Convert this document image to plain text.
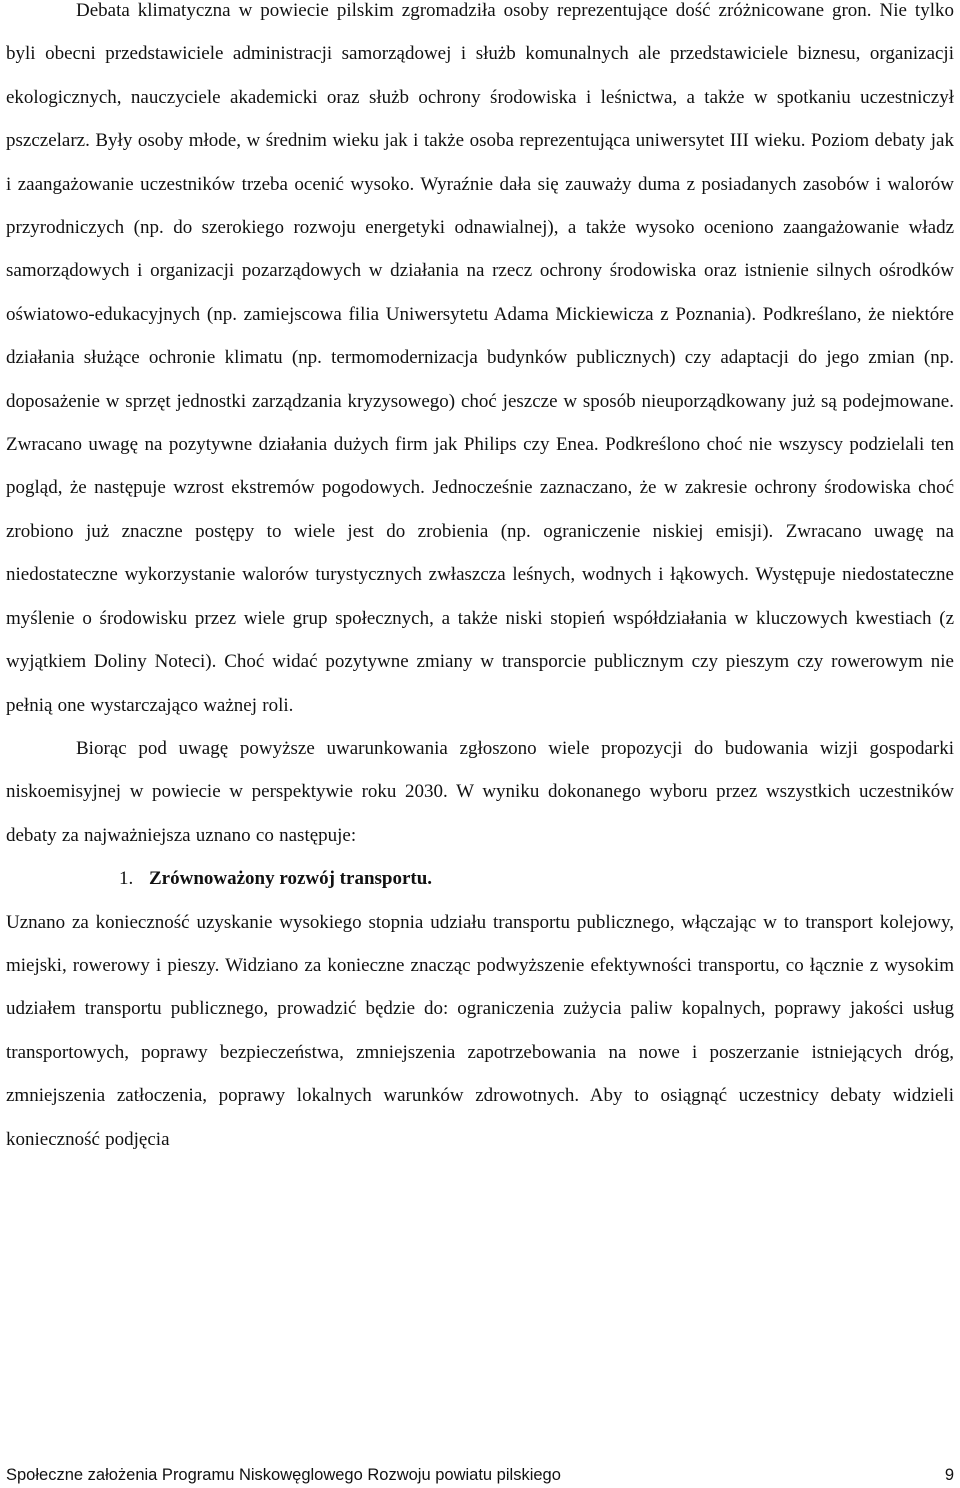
Debata klimatyczna w powiecie pilskim zgromadziła osoby reprezentujące dość zróżnicowane gron. Nie tylko byli obecni przedstawiciele administracji samorządowej i służb komunalnych ale przedstawiciele biznesu, organizacji ekologicznych, nauczyciele akademicki oraz służb ochrony środowiska i leśnictwa, a także w spotkaniu uczestniczył pszczelarz. Były osoby młode, w średnim wieku jak i także osoba reprezentująca uniwersytet III wieku. Poziom debaty jak i zaangażowanie uczestników trzeba ocenić wysoko. Wyraźnie dała się zauważy duma z posiadanych zasobów i walorów przyrodniczych (np. do szerokiego rozwoju energetyki odnawialnej), a także wysoko oceniono zaangażowanie władz samorządowych i organizacji pozarządowych w działania na rzecz ochrony środowiska oraz istnienie silnych ośrodków oświatowo-edukacyjnych (np. zamiejscowa filia Uniwersytetu Adama Mickiewicza z Poznania). Podkreślano, że niektóre działania służące ochronie klimatu (np. termomodernizacja budynków publicznych) czy adaptacji do jego zmian (np. doposażenie w sprzęt jednostki zarządzania kryzysowego) choć jeszcze w sposób nieuporządkowany już są podejmowane. Zwracano uwagę na pozytywne działania dużych firm jak Philips czy Enea. Podkreślono choć nie wszyscy podzielali ten pogląd, że następuje wzrost ekstremów pogodowych. Jednocześnie zaznaczano, że w zakresie ochrony środowiska choć zrobiono już znaczne postępy to wiele jest do zrobienia (np. ograniczenie niskiej emisji). Zwracano uwagę na niedostateczne wykorzystanie walorów turystycznych zwłaszcza leśnych, wodnych i łąkowych. Występuje niedostateczne myślenie o środowisku przez wiele grup społecznych, a także niski stopień współdziałania w kluczowych kwestiach (z wyjątkiem Doliny Noteci). Choć widać pozytywne zmiany w transporcie publicznym czy pieszym czy rowerowym nie pełnią one wystarczająco ważnej roli.

Biorąc pod uwagę powyższe uwarunkowania zgłoszono wiele propozycji do budowania wizji gospodarki niskoemisyjnej w powiecie w perspektywie roku 2030. W wyniku dokonanego wyboru przez wszystkich uczestników debaty za najważniejsza uznano co następuje:

1. Zrównoważony rozwój transportu.

Uznano za konieczność uzyskanie wysokiego stopnia udziału transportu publicznego, włączając w to transport kolejowy, miejski, rowerowy i pieszy. Widziano za konieczne znacząc podwyższenie efektywności transportu, co łącznie z wysokim udziałem transportu publicznego, prowadzić będzie do: ograniczenia zużycia paliw kopalnych, poprawy jakości usług transportowych, poprawy bezpieczeństwa, zmniejszenia zapotrzebowania na nowe i poszerzanie istniejących dróg, zmniejszenia zatłoczenia, poprawy lokalnych warunków zdrowotnych. Aby to osiągnąć uczestnicy debaty widzieli konieczność podjęcia

Społeczne założenia Programu Niskowęglowego Rozwoju powiatu pilskiego	9
